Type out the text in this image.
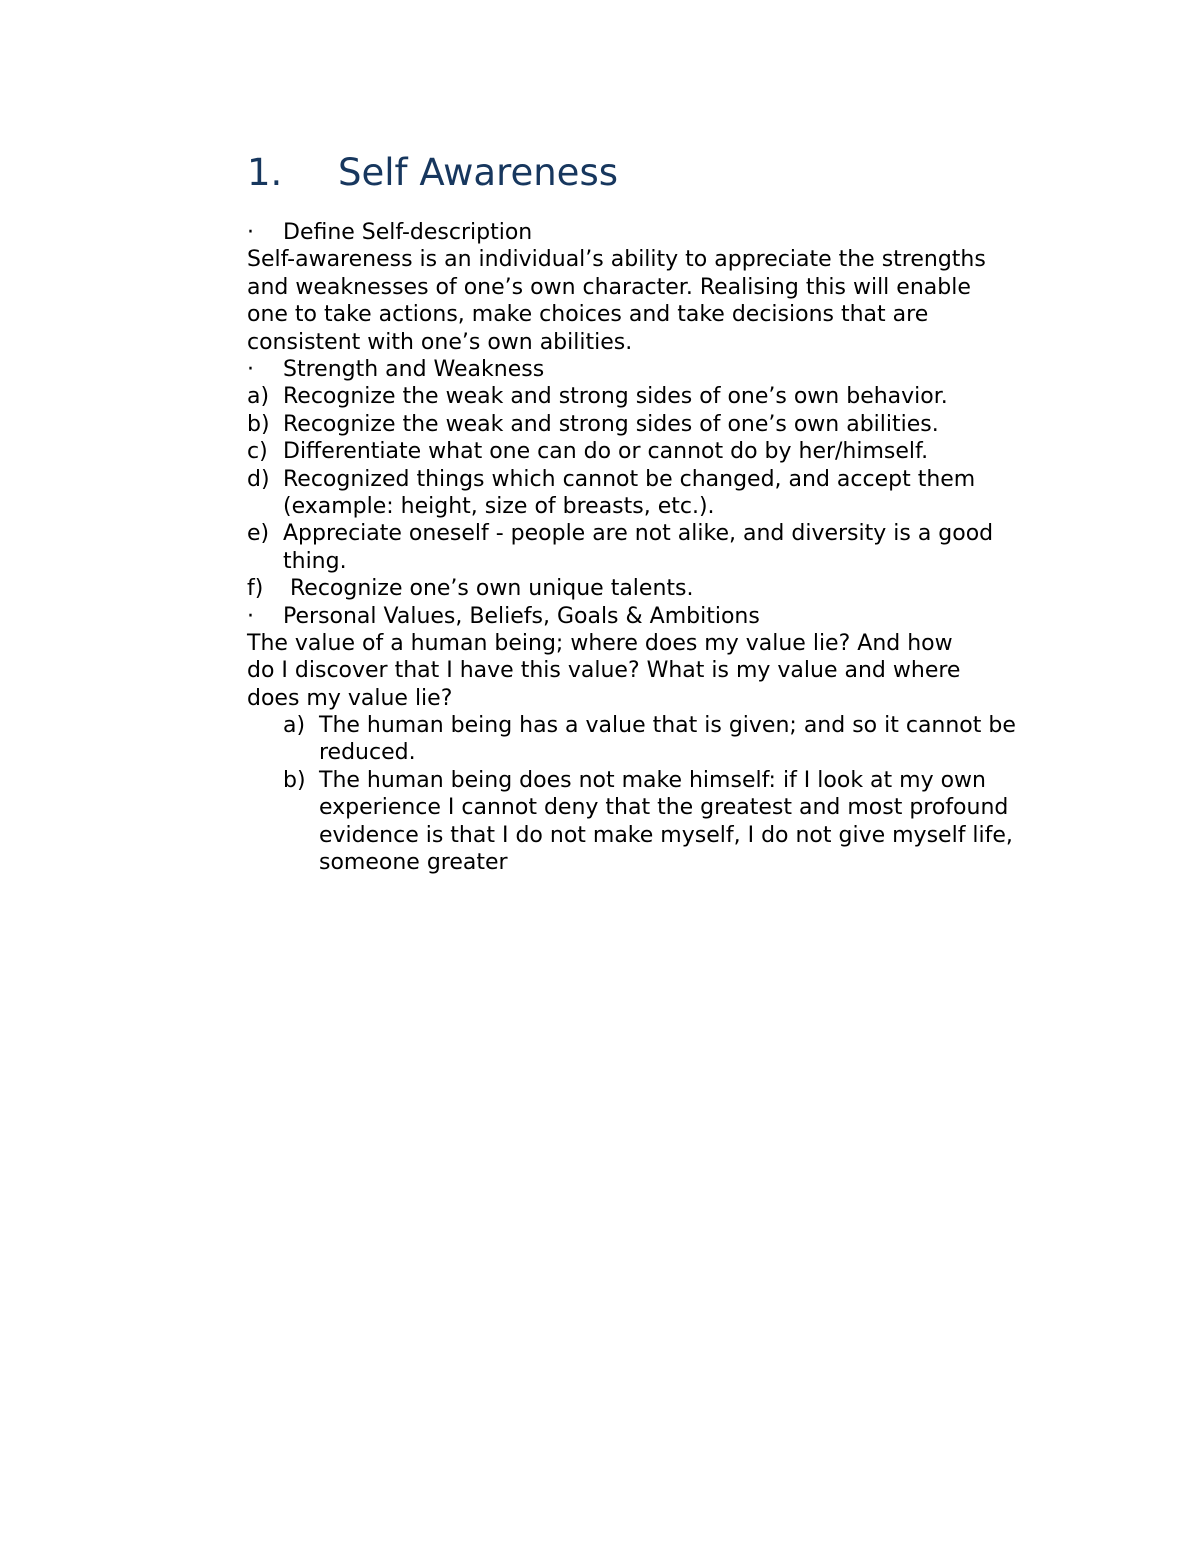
1. Self Awareness
·	Define Self-description
Self-awareness is an individual’s ability to appreciate the strengths
and weaknesses of one’s own character. Realising this will enable
one to take actions, make choices and take decisions that are
consistent with one’s own abilities.
·	Strength and Weakness
a) Recognize the weak and strong sides of one’s own behavior.
b) Recognize the weak and strong sides of one’s own abilities.
c) Differentiate what one can do or cannot do by her/himself.
d) Recognized things which cannot be changed, and accept them
(example: height, size of breasts, etc.).
e) Appreciate oneself - people are not alike, and diversity is a good
thing.
f) Recognize one’s own unique talents.
·	Personal Values, Beliefs, Goals & Ambitions
The value of a human being; where does my value lie? And how
do I discover that I have this value? What is my value and where
does my value lie?
a) The human being has a value that is given; and so it cannot be
reduced.
b) The human being does not make himself: if I look at my own
experience I cannot deny that the greatest and most profound
evidence is that I do not make myself, I do not give myself life,
someone greater
